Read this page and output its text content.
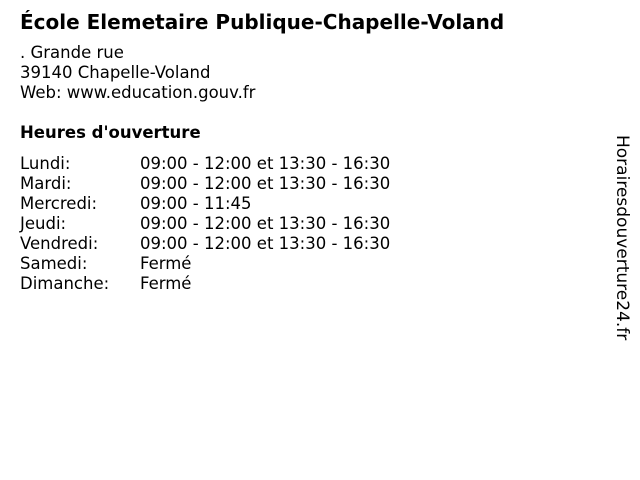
École Elemetaire Publique-Chapelle-Voland
. Grande rue
39140 Chapelle-Voland
Web: www.education.gouv.fr
Heures d'ouverture
Lundi:	09:00 - 12:00 et 13:30 - 16:30
Mardi:	09:00 - 12:00 et 13:30 - 16:30
Mercredi:	09:00 - 11:45
Jeudi:	09:00 - 12:00 et 13:30 - 16:30
Vendredi:	09:00 - 12:00 et 13:30 - 16:30
Samedi:	Fermé
Dimanche:	Fermé	Horairesdouverture24.fr
